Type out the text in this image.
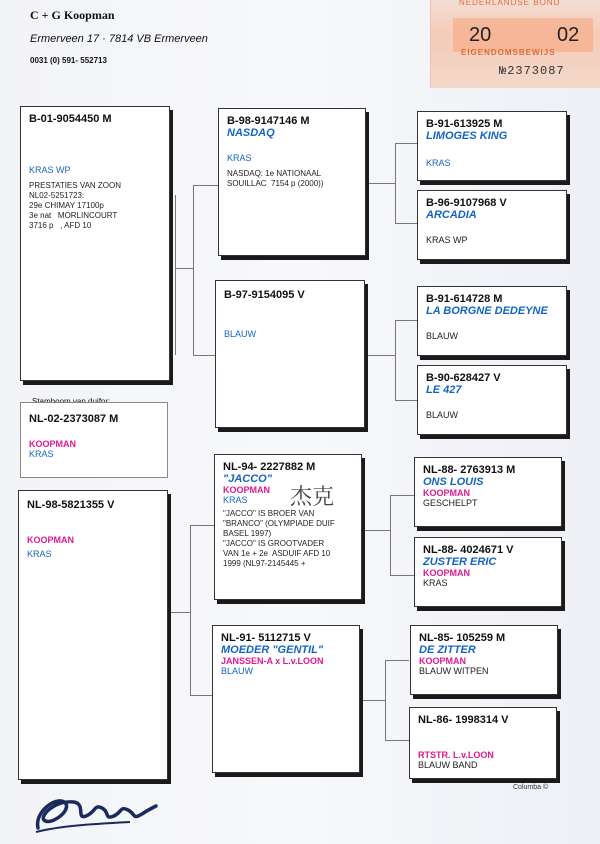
C + G Koopman
Ermerveen 17 · 7814 VB Ermerveen
0031 (0) 591- 552713
NEDERLANDSE BOND
20	02
EIGENDOMSBEWIJS
№2373087
B-01-9054450 M
KRAS WP
PRESTATIES VAN ZOON
NL02-5251723:
29e CHIMAY 17100p
3e nat   MORLINCOURT
3716 p   , AFD 10
NL-02-2373087 M
KOOPMAN
KRAS
NL-98-5821355 V
KOOPMAN
KRAS
B-98-9147146 M
NASDAQ
KRAS
NASDAQ: 1e NATIONAAL
SOUILLAC  7154 p (2000))
B-97-9154095 V
BLAUW
NL-94- 2227882 M
"JACCO"
KOOPMAN
KRAS
"JACCO" IS BROER VAN
"BRANCO" (OLYMPIADE DUIF
BASEL 1997)
"JACCO" IS GROOTVADER
VAN 1e + 2e  ASDUIF AFD 10
1999 (NL97-2145445 +
杰克
NL-91- 5112715 V
MOEDER "GENTIL"
JANSSEN-A x L.v.LOON
BLAUW
B-91-613925 M
LIMOGES KING
KRAS
B-96-9107968 V
ARCADIA
KRAS WP
B-91-614728 M
LA BORGNE DEDEYNE
BLAUW
B-90-628427 V
LE 427
BLAUW
NL-88- 2763913 M
ONS LOUIS
KOOPMAN
GESCHELPT
NL-88- 4024671 V
ZUSTER ERIC
KOOPMAN
KRAS
NL-85- 105259 M
DE ZITTER
KOOPMAN
BLAUW WITPEN
NL-86- 1998314 V
RTSTR. L.v.LOON
BLAUW BAND
Columba ©
